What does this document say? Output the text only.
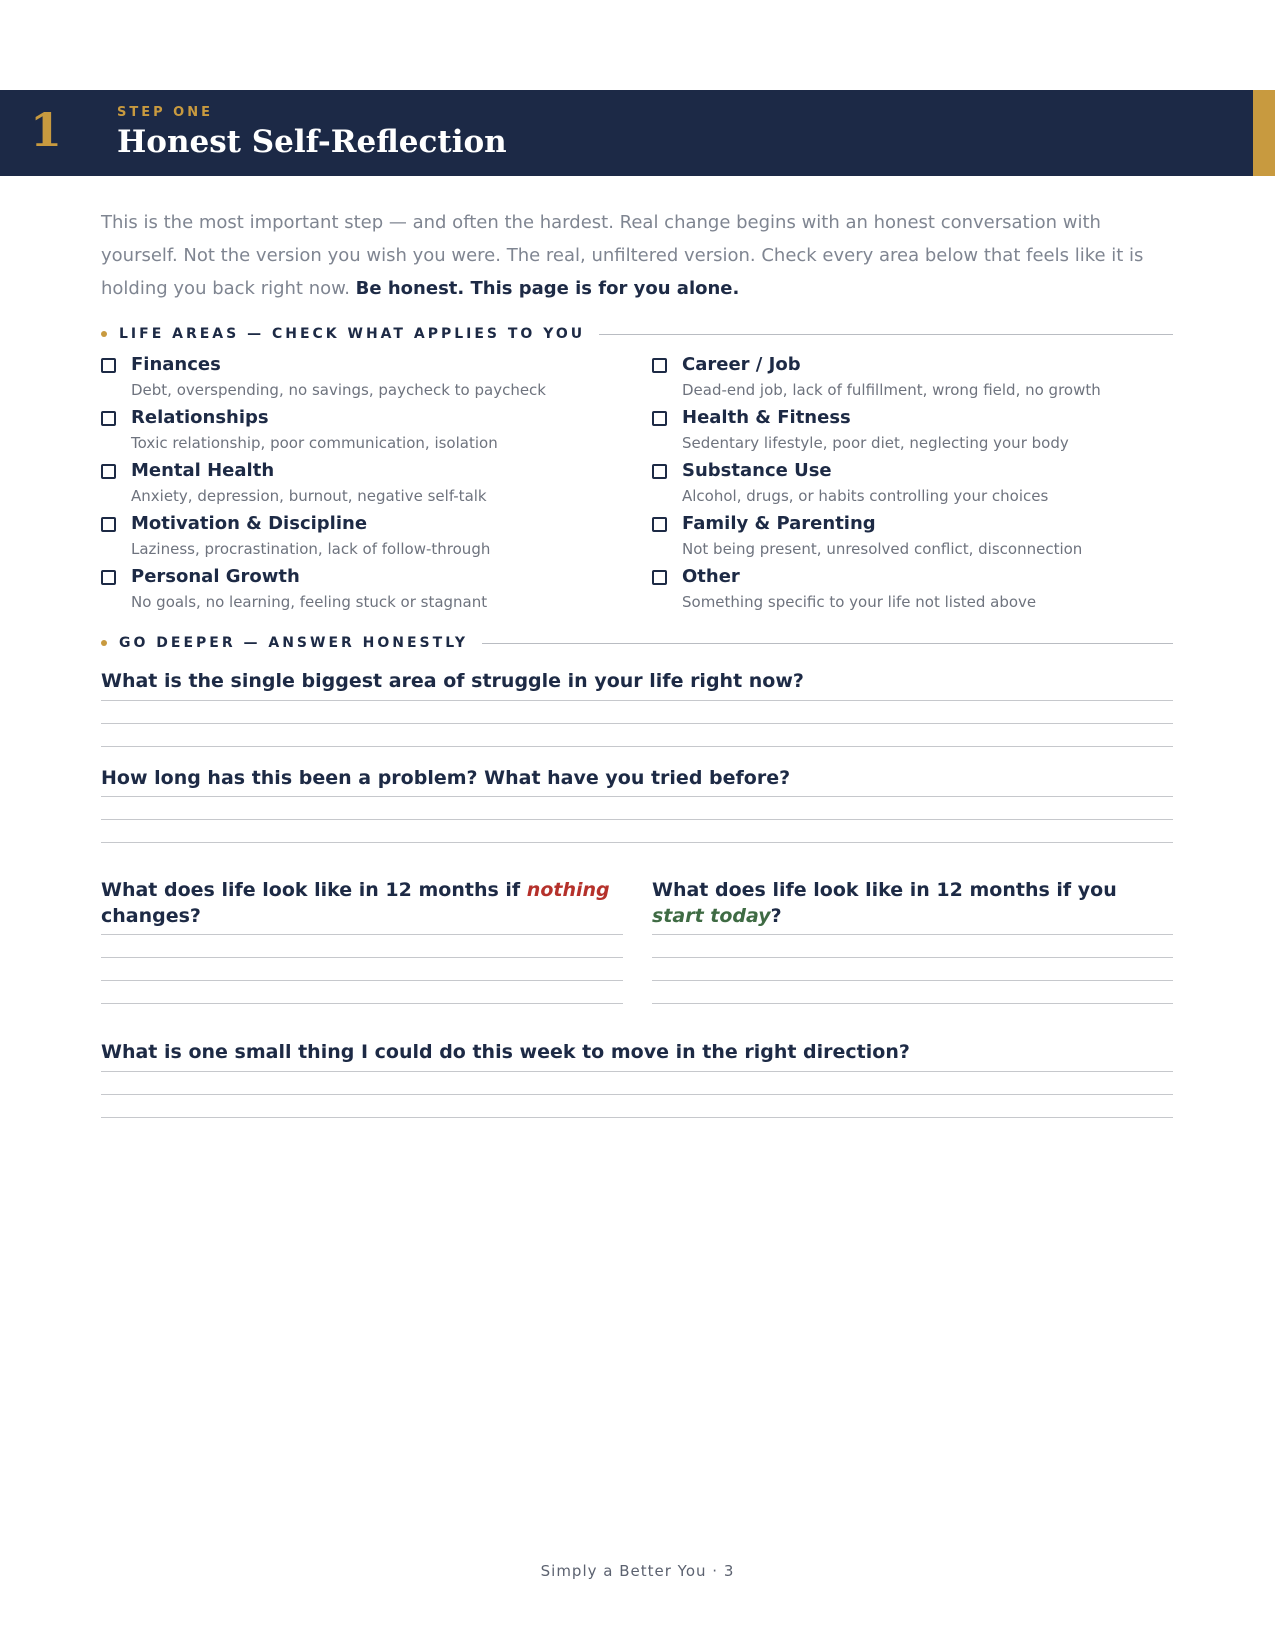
1	STEP ONE
Honest Self-Reflection
This is the most important step — and often the hardest. Real change begins with an honest conversation with yourself. Not the version you wish you were. The real, unfiltered version. Check every area below that feels like it is holding you back right now. Be honest. This page is for you alone.
LIFE AREAS — CHECK WHAT APPLIES TO YOU
Finances
Debt, overspending, no savings, paycheck to paycheck
Career / Job
Dead-end job, lack of fulfillment, wrong field, no growth
Relationships
Toxic relationship, poor communication, isolation
Health & Fitness
Sedentary lifestyle, poor diet, neglecting your body
Mental Health
Anxiety, depression, burnout, negative self-talk
Substance Use
Alcohol, drugs, or habits controlling your choices
Motivation & Discipline
Laziness, procrastination, lack of follow-through
Family & Parenting
Not being present, unresolved conflict, disconnection
Personal Growth
No goals, no learning, feeling stuck or stagnant
Other
Something specific to your life not listed above
GO DEEPER — ANSWER HONESTLY
What is the single biggest area of struggle in your life right now?
How long has this been a problem? What have you tried before?
What does life look like in 12 months if nothing changes?
What does life look like in 12 months if you start today?
What is one small thing I could do this week to move in the right direction?
Simply a Better You · 3
